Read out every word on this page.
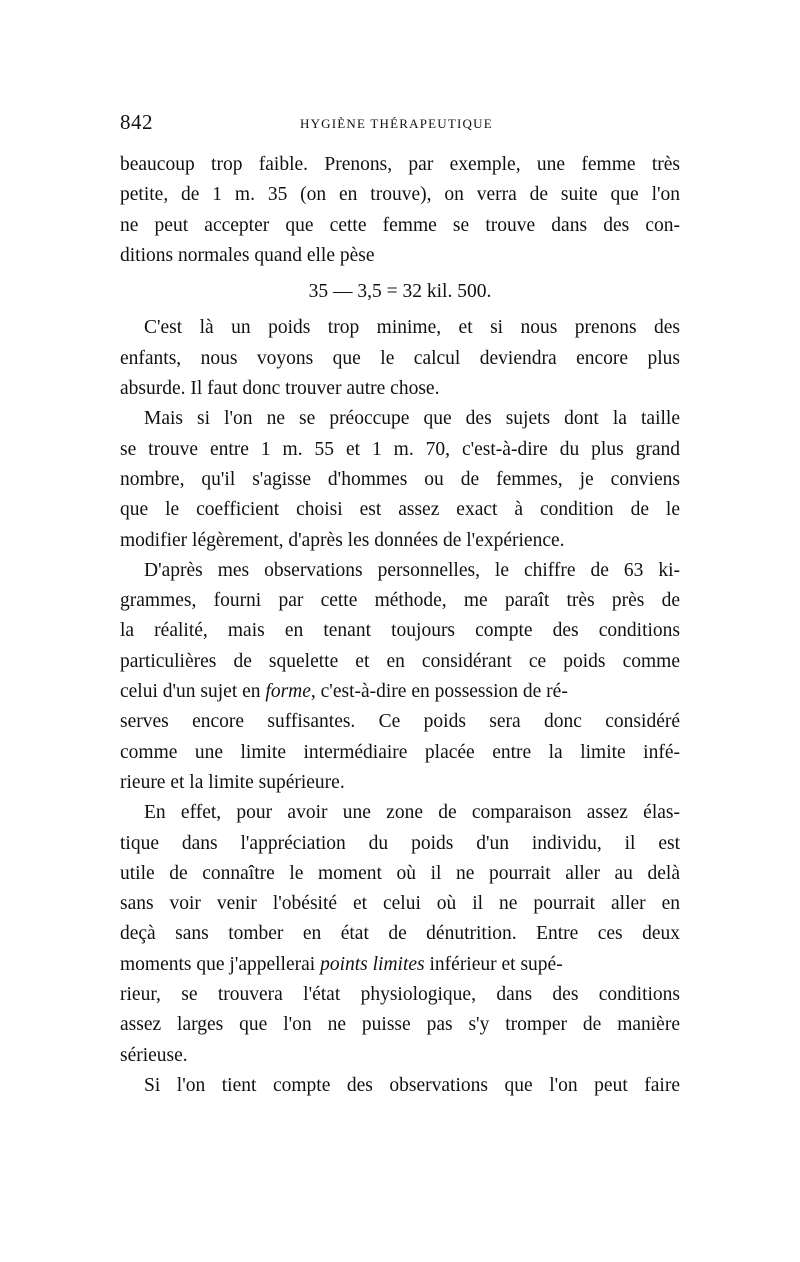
842	HYGIÈNE THÉRAPEUTIQUE
beaucoup trop faible. Prenons, par exemple, une femme très
petite, de 1 m. 35 (on en trouve), on verra de suite que l'on
ne peut accepter que cette femme se trouve dans des con-
ditions normales quand elle pèse
35 — 3,5 = 32 kil. 500.
C'est là un poids trop minime, et si nous prenons des
enfants, nous voyons que le calcul deviendra encore plus
absurde. Il faut donc trouver autre chose.
Mais si l'on ne se préoccupe que des sujets dont la taille
se trouve entre 1 m. 55 et 1 m. 70, c'est-à-dire du plus grand
nombre, qu'il s'agisse d'hommes ou de femmes, je conviens
que le coefficient choisi est assez exact à condition de le
modifier légèrement, d'après les données de l'expérience.
D'après mes observations personnelles, le chiffre de 63 ki-
grammes, fourni par cette méthode, me paraît très près de
la réalité, mais en tenant toujours compte des conditions
particulières de squelette et en considérant ce poids comme
celui d'un sujet en forme, c'est-à-dire en possession de ré-
serves encore suffisantes. Ce poids sera donc considéré
comme une limite intermédiaire placée entre la limite infé-
rieure et la limite supérieure.
En effet, pour avoir une zone de comparaison assez élas-
tique dans l'appréciation du poids d'un individu, il est
utile de connaître le moment où il ne pourrait aller au delà
sans voir venir l'obésité et celui où il ne pourrait aller en
deçà sans tomber en état de dénutrition. Entre ces deux
moments que j'appellerai points limites inférieur et supé-
rieur, se trouvera l'état physiologique, dans des conditions
assez larges que l'on ne puisse pas s'y tromper de manière
sérieuse.
Si l'on tient compte des observations que l'on peut faire
